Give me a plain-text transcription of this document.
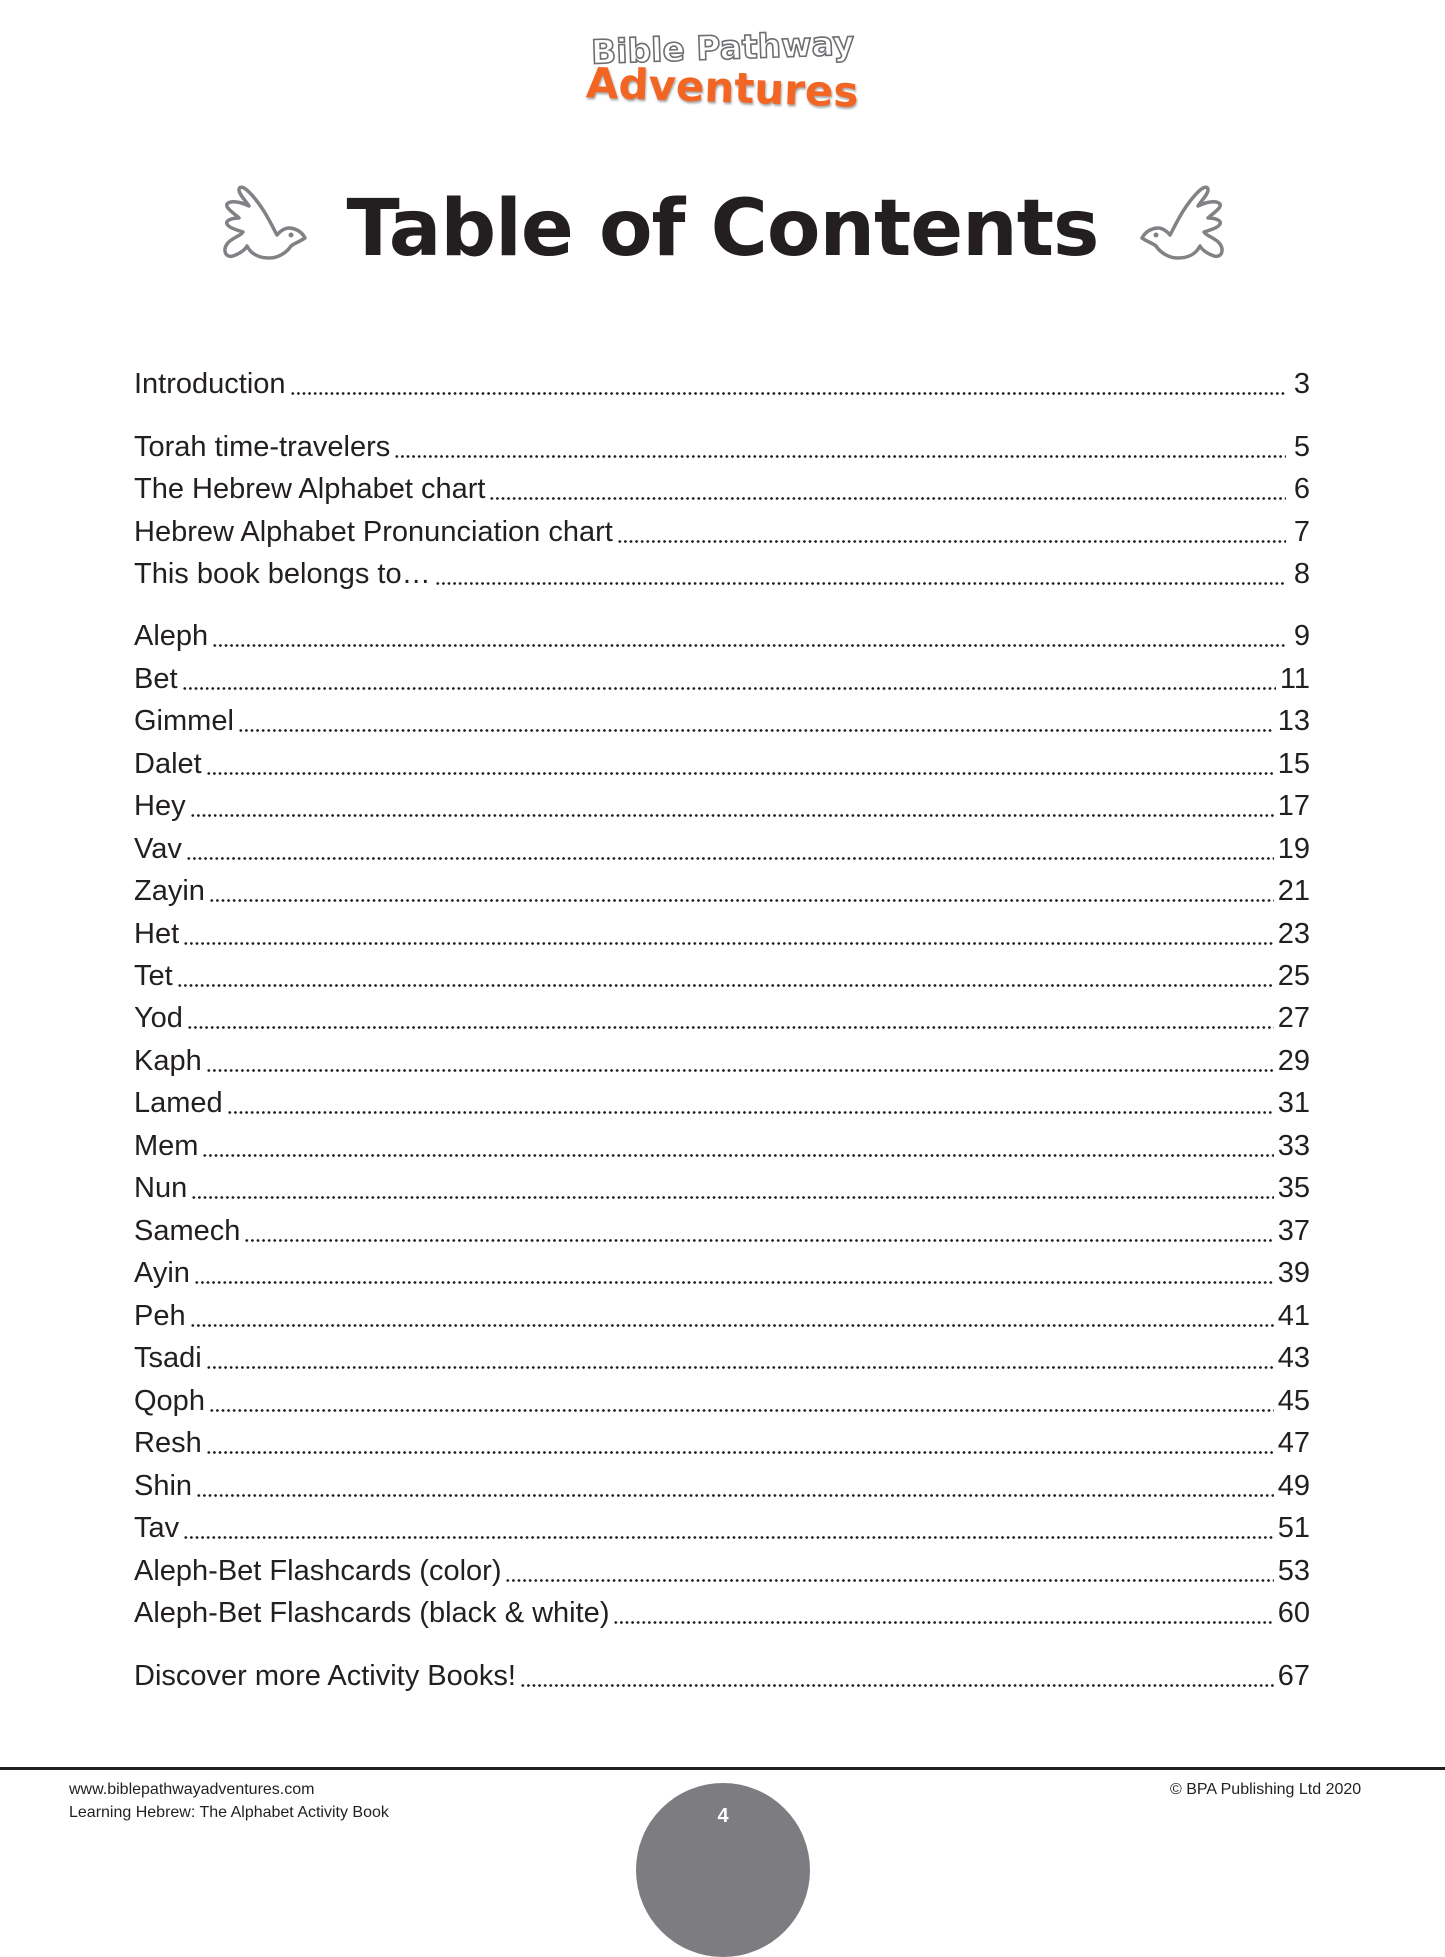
Bible Pathway
Adventures
Table of Contents
Introduction	3
Torah time-travelers	5
The Hebrew Alphabet chart	6
Hebrew Alphabet Pronunciation chart	7
This book belongs to…	8
Aleph	9
Bet	11
Gimmel	13
Dalet	15
Hey	17
Vav	19
Zayin	21
Het	23
Tet	25
Yod	27
Kaph	29
Lamed	31
Mem	33
Nun	35
Samech	37
Ayin	39
Peh	41
Tsadi	43
Qoph	45
Resh	47
Shin	49
Tav	51
Aleph-Bet Flashcards (color)	53
Aleph-Bet Flashcards (black & white)	60
Discover more Activity Books!	67
www.biblepathwayadventures.com
Learning Hebrew: The Alphabet Activity Book	4
© BPA Publishing Ltd 2020
